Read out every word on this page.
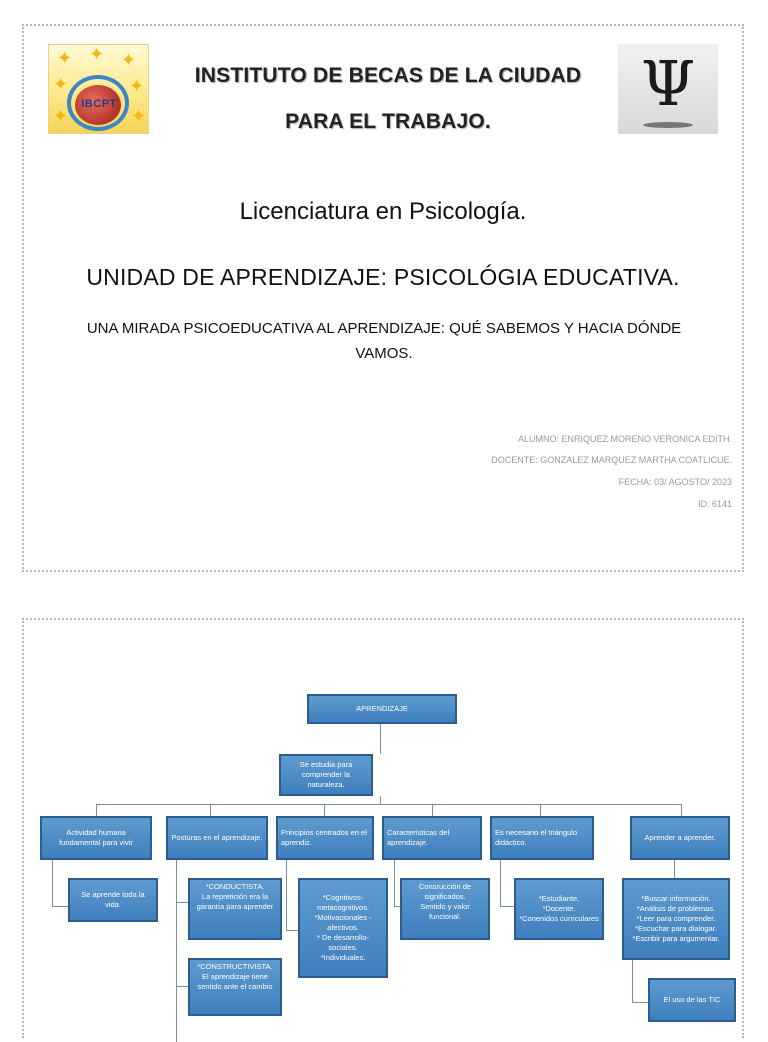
✦ ✦ ✦
✦	✦
✦	✦
IBCPT	Ψ
INSTITUTO DE BECAS DE LA CIUDAD
PARA EL TRABAJO.
Licenciatura en Psicología.
UNIDAD DE APRENDIZAJE: PSICOLÓGIA EDUCATIVA.
UNA MIRADA PSICOEDUCATIVA AL APRENDIZAJE: QUÉ SABEMOS Y HACIA DÓNDE VAMOS.
ALUMNO: ENRIQUEZ MORENO VERONICA EDITH.
DOCENTE: GONZALEZ MARQUEZ MARTHA COATLICUE.
FECHA: 03/ AGOSTO/ 2023
ID: 6141
APRENDIZAJE
Se estudia para comprender la naturaleza.
Actividad humana fundamental para vivir
Posturas en el aprendizaje.
Principios centrados en el aprendiz.
Características del aprendizaje.
Es necesario el triángulo didáctico.
Aprender a aprender.
Se aprende toda la vida.
*CONDUCTISTA.
La repretición era la garantía para aprender
*CONSTRUCTIVISTA.
El aprendizaje tiene sentido ante el cambio
*Cognitivos-metacognitivos.
*Motivacionales - afectivos.
* De desarrollo- sociales.
*Individuales.
Consrucción de significados.
Sentido y valor funcional.
*Estudiante.
*Docente.
*Conenidos curriculares
*Buscar información.
*Análisis de problemas.
*Leer para comprender.
*Escuchar para dialogar.
*Escribir para argumentar.
El uso de las TIC
